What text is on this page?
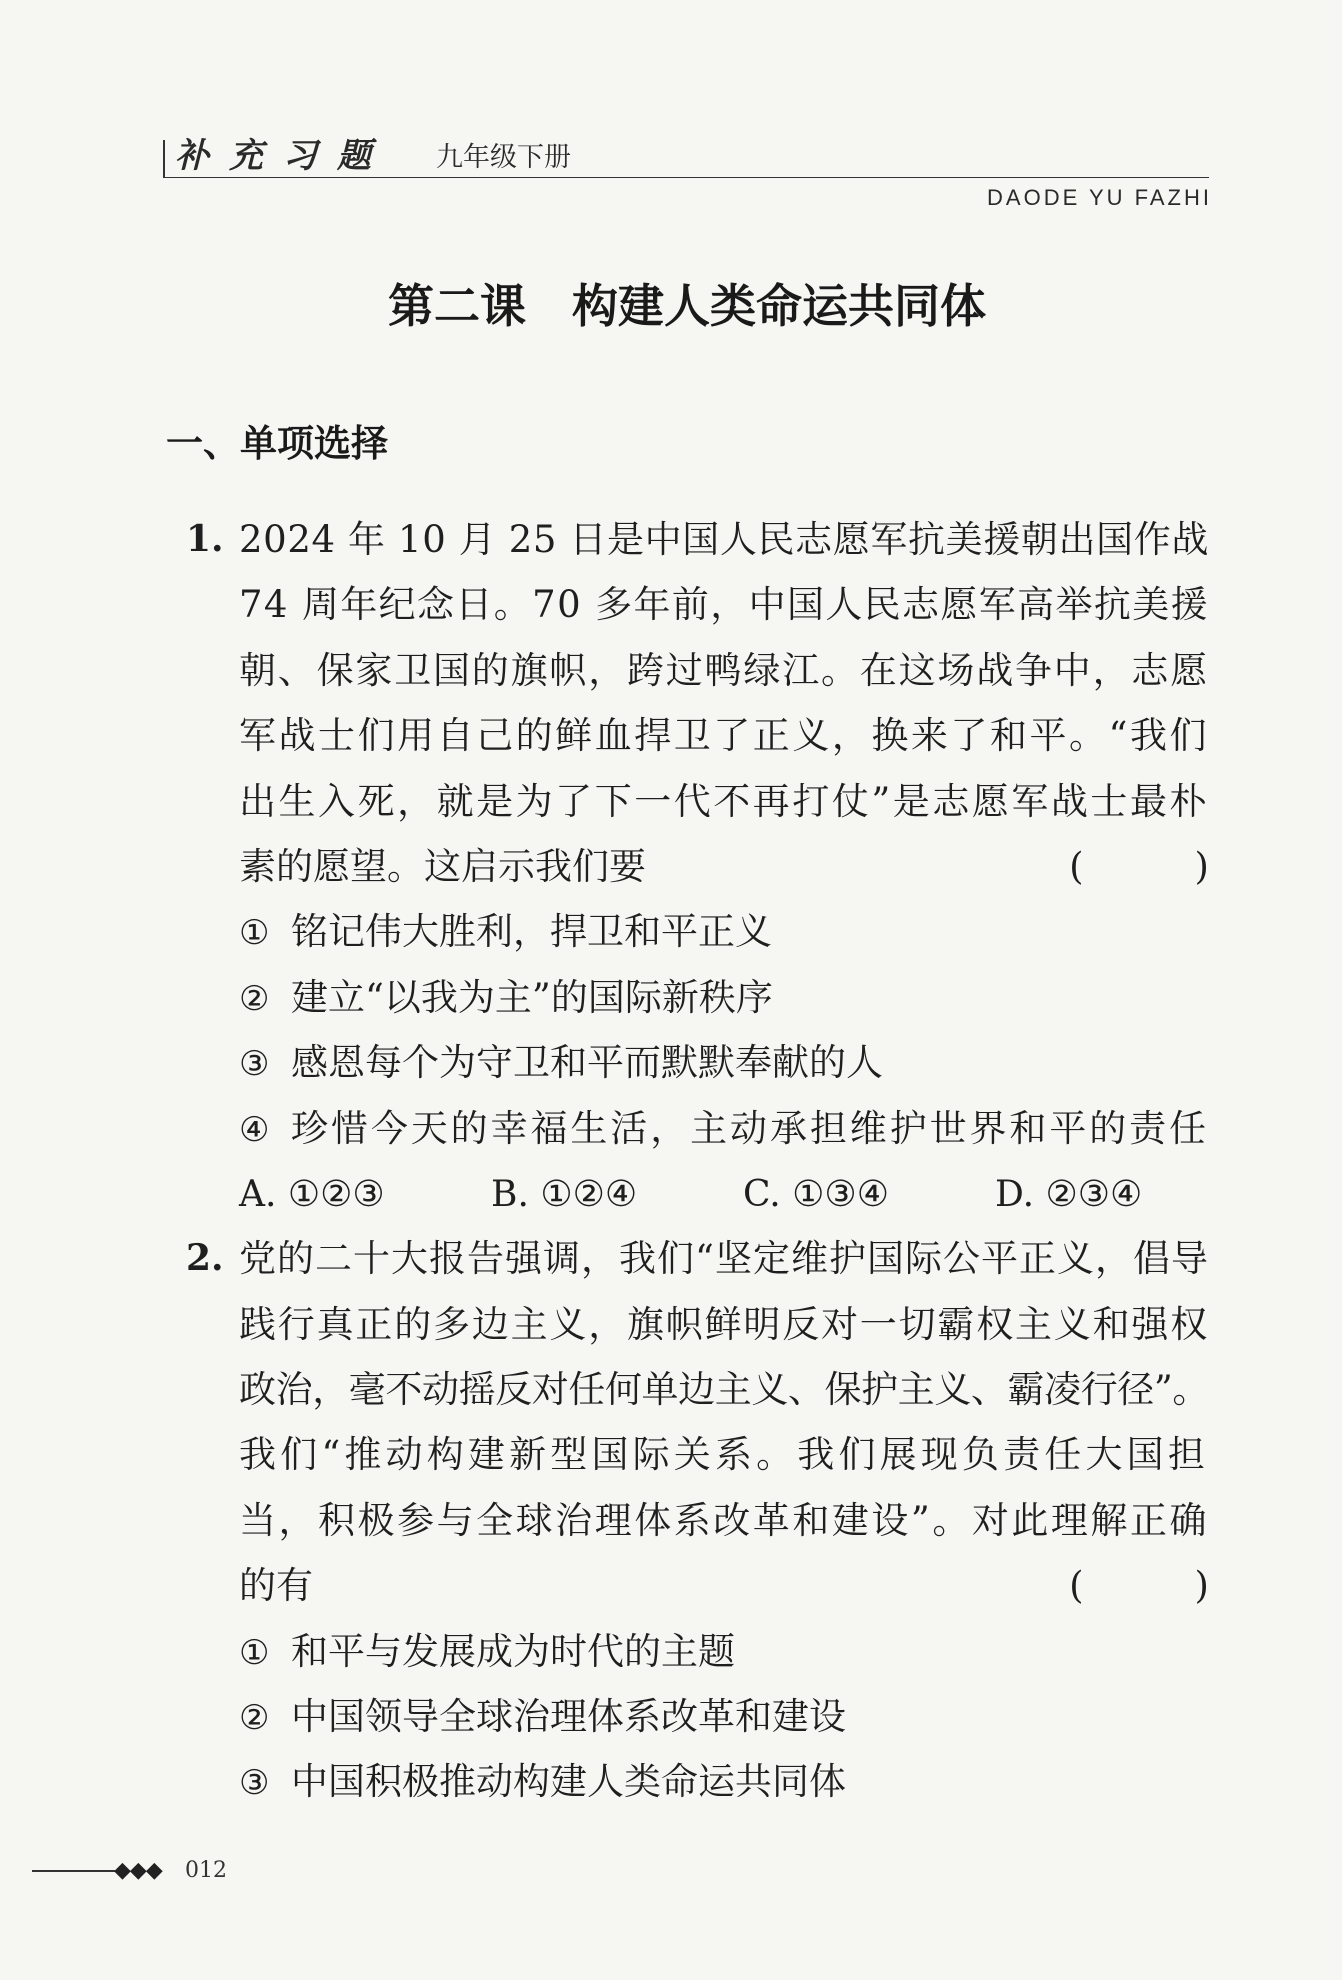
补充习题 九年级下册
DAODE YU FAZHI
第二课　构建人类命运共同体
一、单项选择
1. 2024 年 10 月 25 日是中国人民志愿军抗美援朝出国作战
74 周年纪念日。70 多年前，中国人民志愿军高举抗美援
朝、保家卫国的旗帜，跨过鸭绿江。在这场战争中，志愿
军战士们用自己的鲜血捍卫了正义，换来了和平。“我们
出生入死，就是为了下一代不再打仗”是志愿军战士最朴
素的愿望。这启示我们要	(　　　)
① 铭记伟大胜利，捍卫和平正义
② 建立“以我为主”的国际新秩序
③ 感恩每个为守卫和平而默默奉献的人
④ 珍惜今天的幸福生活，主动承担维护世界和平的责任
A. ①②③	B. ①②④	C. ①③④	D. ②③④
2. 党的二十大报告强调，我们“坚定维护国际公平正义，倡导
践行真正的多边主义，旗帜鲜明反对一切霸权主义和强权
政治，毫不动摇反对任何单边主义、保护主义、霸凌行径”。
我们“推动构建新型国际关系。我们展现负责任大国担
当，积极参与全球治理体系改革和建设”。对此理解正确
的有	(　　　)
① 和平与发展成为时代的主题
② 中国领导全球治理体系改革和建设
③ 中国积极推动构建人类命运共同体
◆◆◆ 012
